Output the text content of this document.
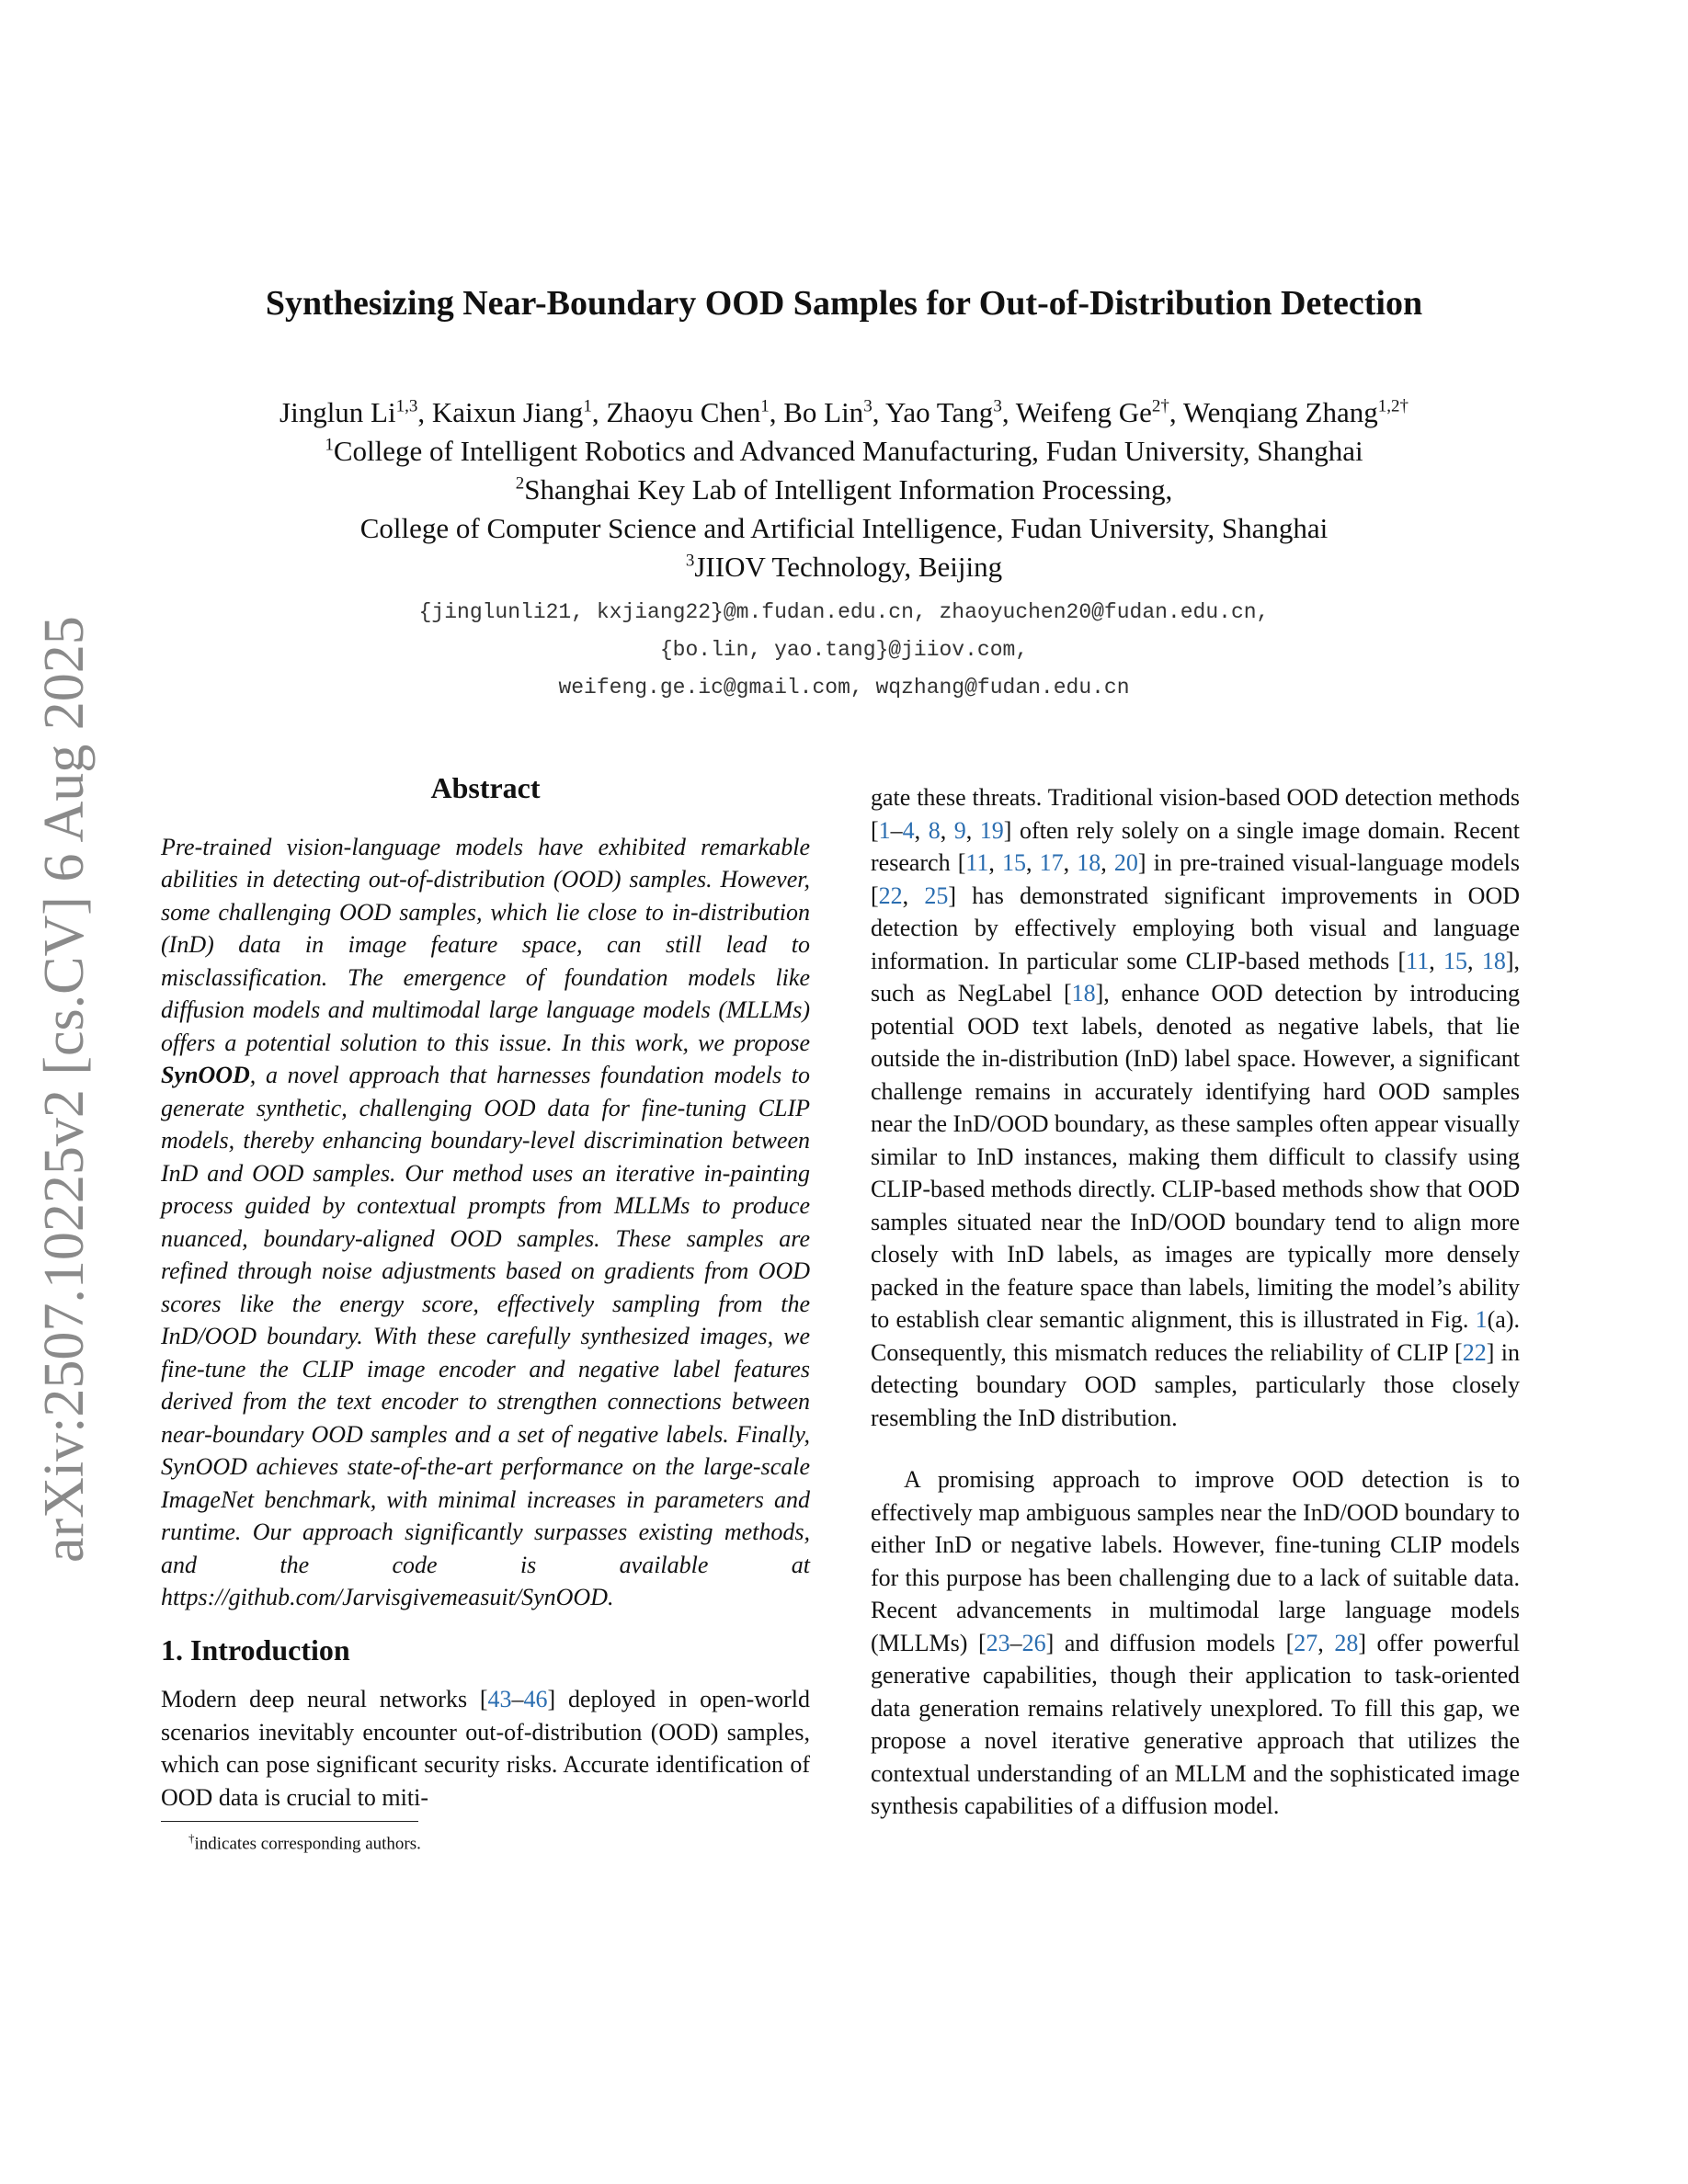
arXiv:2507.10225v2 [cs.CV] 6 Aug 2025
Synthesizing Near-Boundary OOD Samples for Out-of-Distribution Detection
Jinglun Li$^{1,3}$, Kaixun Jiang$^1$, Zhaoyu Chen$^1$, Bo Lin$^3$, Yao Tang$^3$, Weifeng $Ge^{2\dagger}$, Wenqiang Zhang$^{1,2\dagger}$
$^1$College of Intelligent Robotics and Advanced Manufacturing, Fudan University, Shanghai
$^2$Shanghai Key Lab of Intelligent Information Processing,
College of Computer Science and Artificial Intelligence, Fudan University, Shanghai
$^3$JIIOV Technology, Beijing
{jinglunli21, kxjiang22}@m.fudan.edu.cn, zhaoyuchen20@fudan.edu.cn,
{bo.lin, yao.tang}@jiiov.com,
weifeng.ge.ic@gmail.com, wqzhang@fudan.edu.cn
Abstract

Pre-trained vision-language models have exhibited remarkable abilities in detecting out-of-distribution (OOD) samples. However, some challenging OOD samples, which lie close to in-distribution (InD) data in image feature space, can still lead to misclassification. The emergence of foundation models like diffusion models and multimodal large language models (MLLMs) offers a potential solution to this issue. In this work, we propose SynOOD, a novel approach that harnesses foundation models to generate synthetic, challenging OOD data for fine-tuning CLIP models, thereby enhancing boundary-level discrimination between InD and OOD samples. Our method uses an iterative in-painting process guided by contextual prompts from MLLMs to produce nuanced, boundary-aligned OOD samples. These samples are refined through noise adjustments based on gradients from OOD scores like the energy score, effectively sampling from the InD/OOD boundary. With these carefully synthesized images, we fine-tune the CLIP image encoder and negative label features derived from the text encoder to strengthen connections between near-boundary OOD samples and a set of negative labels. Finally, SynOOD achieves state-of-the-art performance on the large-scale ImageNet benchmark, with minimal increases in parameters and runtime. Our approach significantly surpasses existing methods, and the code is available at https://github.com/Jarvisgivemeasuit/SynOOD.

1. Introduction

Modern deep neural networks [43–46] deployed in open-world scenarios inevitably encounter out-of-distribution (OOD) samples, which can pose significant security risks. Accurate identification of OOD data is crucial to miti-

†indicates corresponding authors.

gate these threats. Traditional vision-based OOD detection methods [1–4, 8, 9, 19] often rely solely on a single image domain. Recent research [11, 15, 17, 18, 20] in pre-trained visual-language models [22, 25] has demonstrated significant improvements in OOD detection by effectively employing both visual and language information. In particular some CLIP-based methods [11, 15, 18], such as NegLabel [18], enhance OOD detection by introducing potential OOD text labels, denoted as negative labels, that lie outside the in-distribution (InD) label space. However, a significant challenge remains in accurately identifying hard OOD samples near the InD/OOD boundary, as these samples often appear visually similar to InD instances, making them difficult to classify using CLIP-based methods directly. CLIP-based methods show that OOD samples situated near the InD/OOD boundary tend to align more closely with InD labels, as images are typically more densely packed in the feature space than labels, limiting the model’s ability to establish clear semantic alignment, this is illustrated in Fig. 1(a). Consequently, this mismatch reduces the reliability of CLIP [22] in detecting boundary OOD samples, particularly those closely resembling the InD distribution.

A promising approach to improve OOD detection is to effectively map ambiguous samples near the InD/OOD boundary to either InD or negative labels. However, fine-tuning CLIP models for this purpose has been challenging due to a lack of suitable data. Recent advancements in multimodal large language models (MLLMs) [23–26] and diffusion models [27, 28] offer powerful generative capabilities, though their application to task-oriented data generation remains relatively unexplored. To fill this gap, we propose a novel iterative generative approach that utilizes the contextual understanding of an MLLM and the sophisticated image synthesis capabilities of a diffusion model.
